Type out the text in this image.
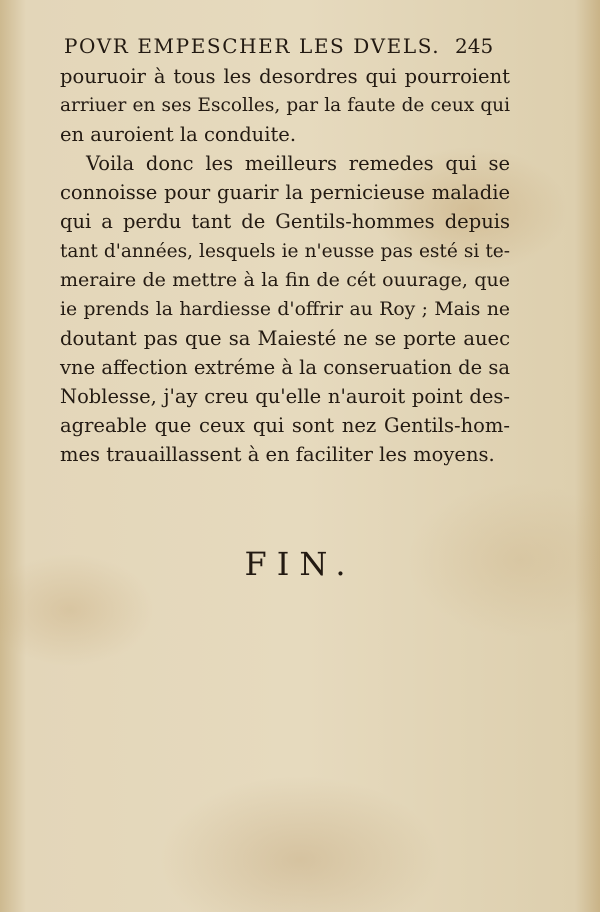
POVR EMPESCHER LES DVELS. 245
pouruoir à tous les desordres qui pourroient
arriuer en ses Escolles, par la faute de ceux qui
en auroient la conduite.
Voila donc les meilleurs remedes qui se
connoisse pour guarir la pernicieuse maladie
qui a perdu tant de Gentils-hommes depuis
tant d'années, lesquels ie n'eusse pas esté si te-
meraire de mettre à la fin de cét ouurage, que
ie prends la hardiesse d'offrir au Roy ; Mais ne
doutant pas que sa Maiesté ne se porte auec
vne affection extréme à la conseruation de sa
Noblesse, j'ay creu qu'elle n'auroit point des-
agreable que ceux qui sont nez Gentils-hom-
mes trauaillassent à en faciliter les moyens.
FIN.
